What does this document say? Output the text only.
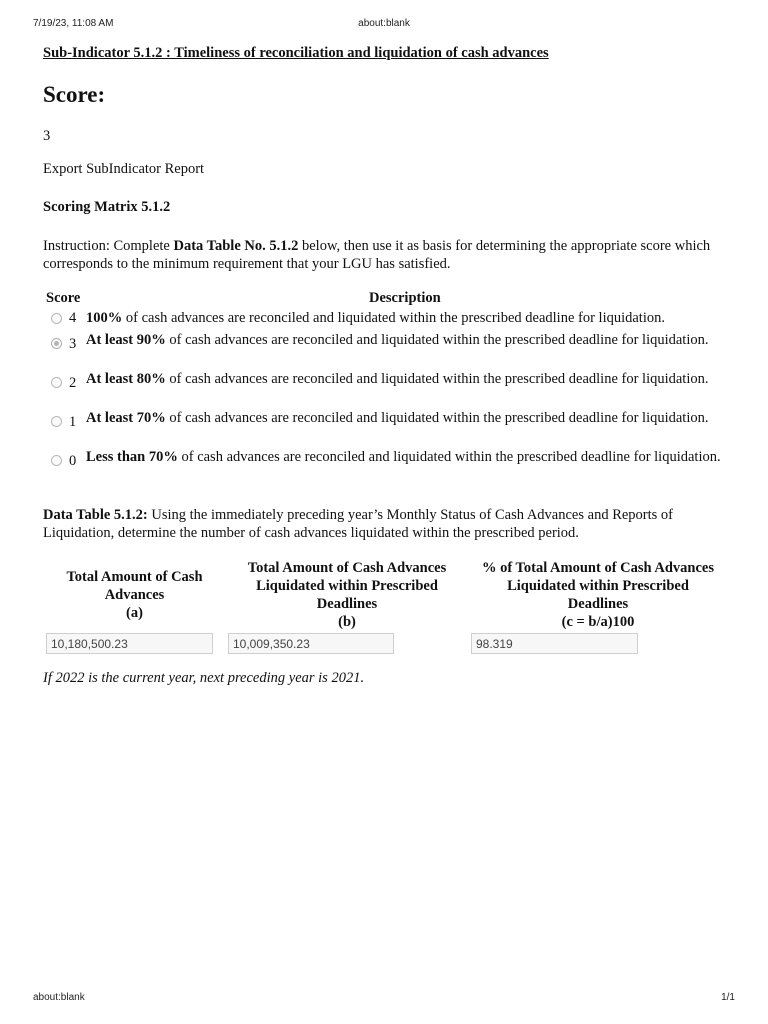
7/19/23, 11:08 AM	about:blank

Sub-Indicator 5.1.2 : Timeliness of reconciliation and liquidation of cash advances

Score:
3
Export SubIndicator Report

Scoring Matrix 5.1.2

Instruction: Complete Data Table No. 5.1.2 below, then use it as basis for determining the appropriate score which corresponds to the minimum requirement that your LGU has satisfied.
Score	Description
4 100% of cash advances are reconciled and liquidated within the prescribed deadline for liquidation.
3 At least 90% of cash advances are reconciled and liquidated within the prescribed deadline for liquidation.
2 At least 80% of cash advances are reconciled and liquidated within the prescribed deadline for liquidation.
1 At least 70% of cash advances are reconciled and liquidated within the prescribed deadline for liquidation.
0 Less than 70% of cash advances are reconciled and liquidated within the prescribed deadline for liquidation.
Data Table 5.1.2: Using the immediately preceding year’s Monthly Status of Cash Advances and Reports of Liquidation, determine the number of cash advances liquidated within the prescribed period.
Total Amount of Cash
Advances
(a)
Total Amount of Cash Advances
Liquidated within Prescribed
Deadlines
(b)
% of Total Amount of Cash Advances
Liquidated within Prescribed
Deadlines
(c = b/a)100
10,180,500.23	10,009,350.23	98.319
If 2022 is the current year, next preceding year is 2021.
about:blank	1/1
